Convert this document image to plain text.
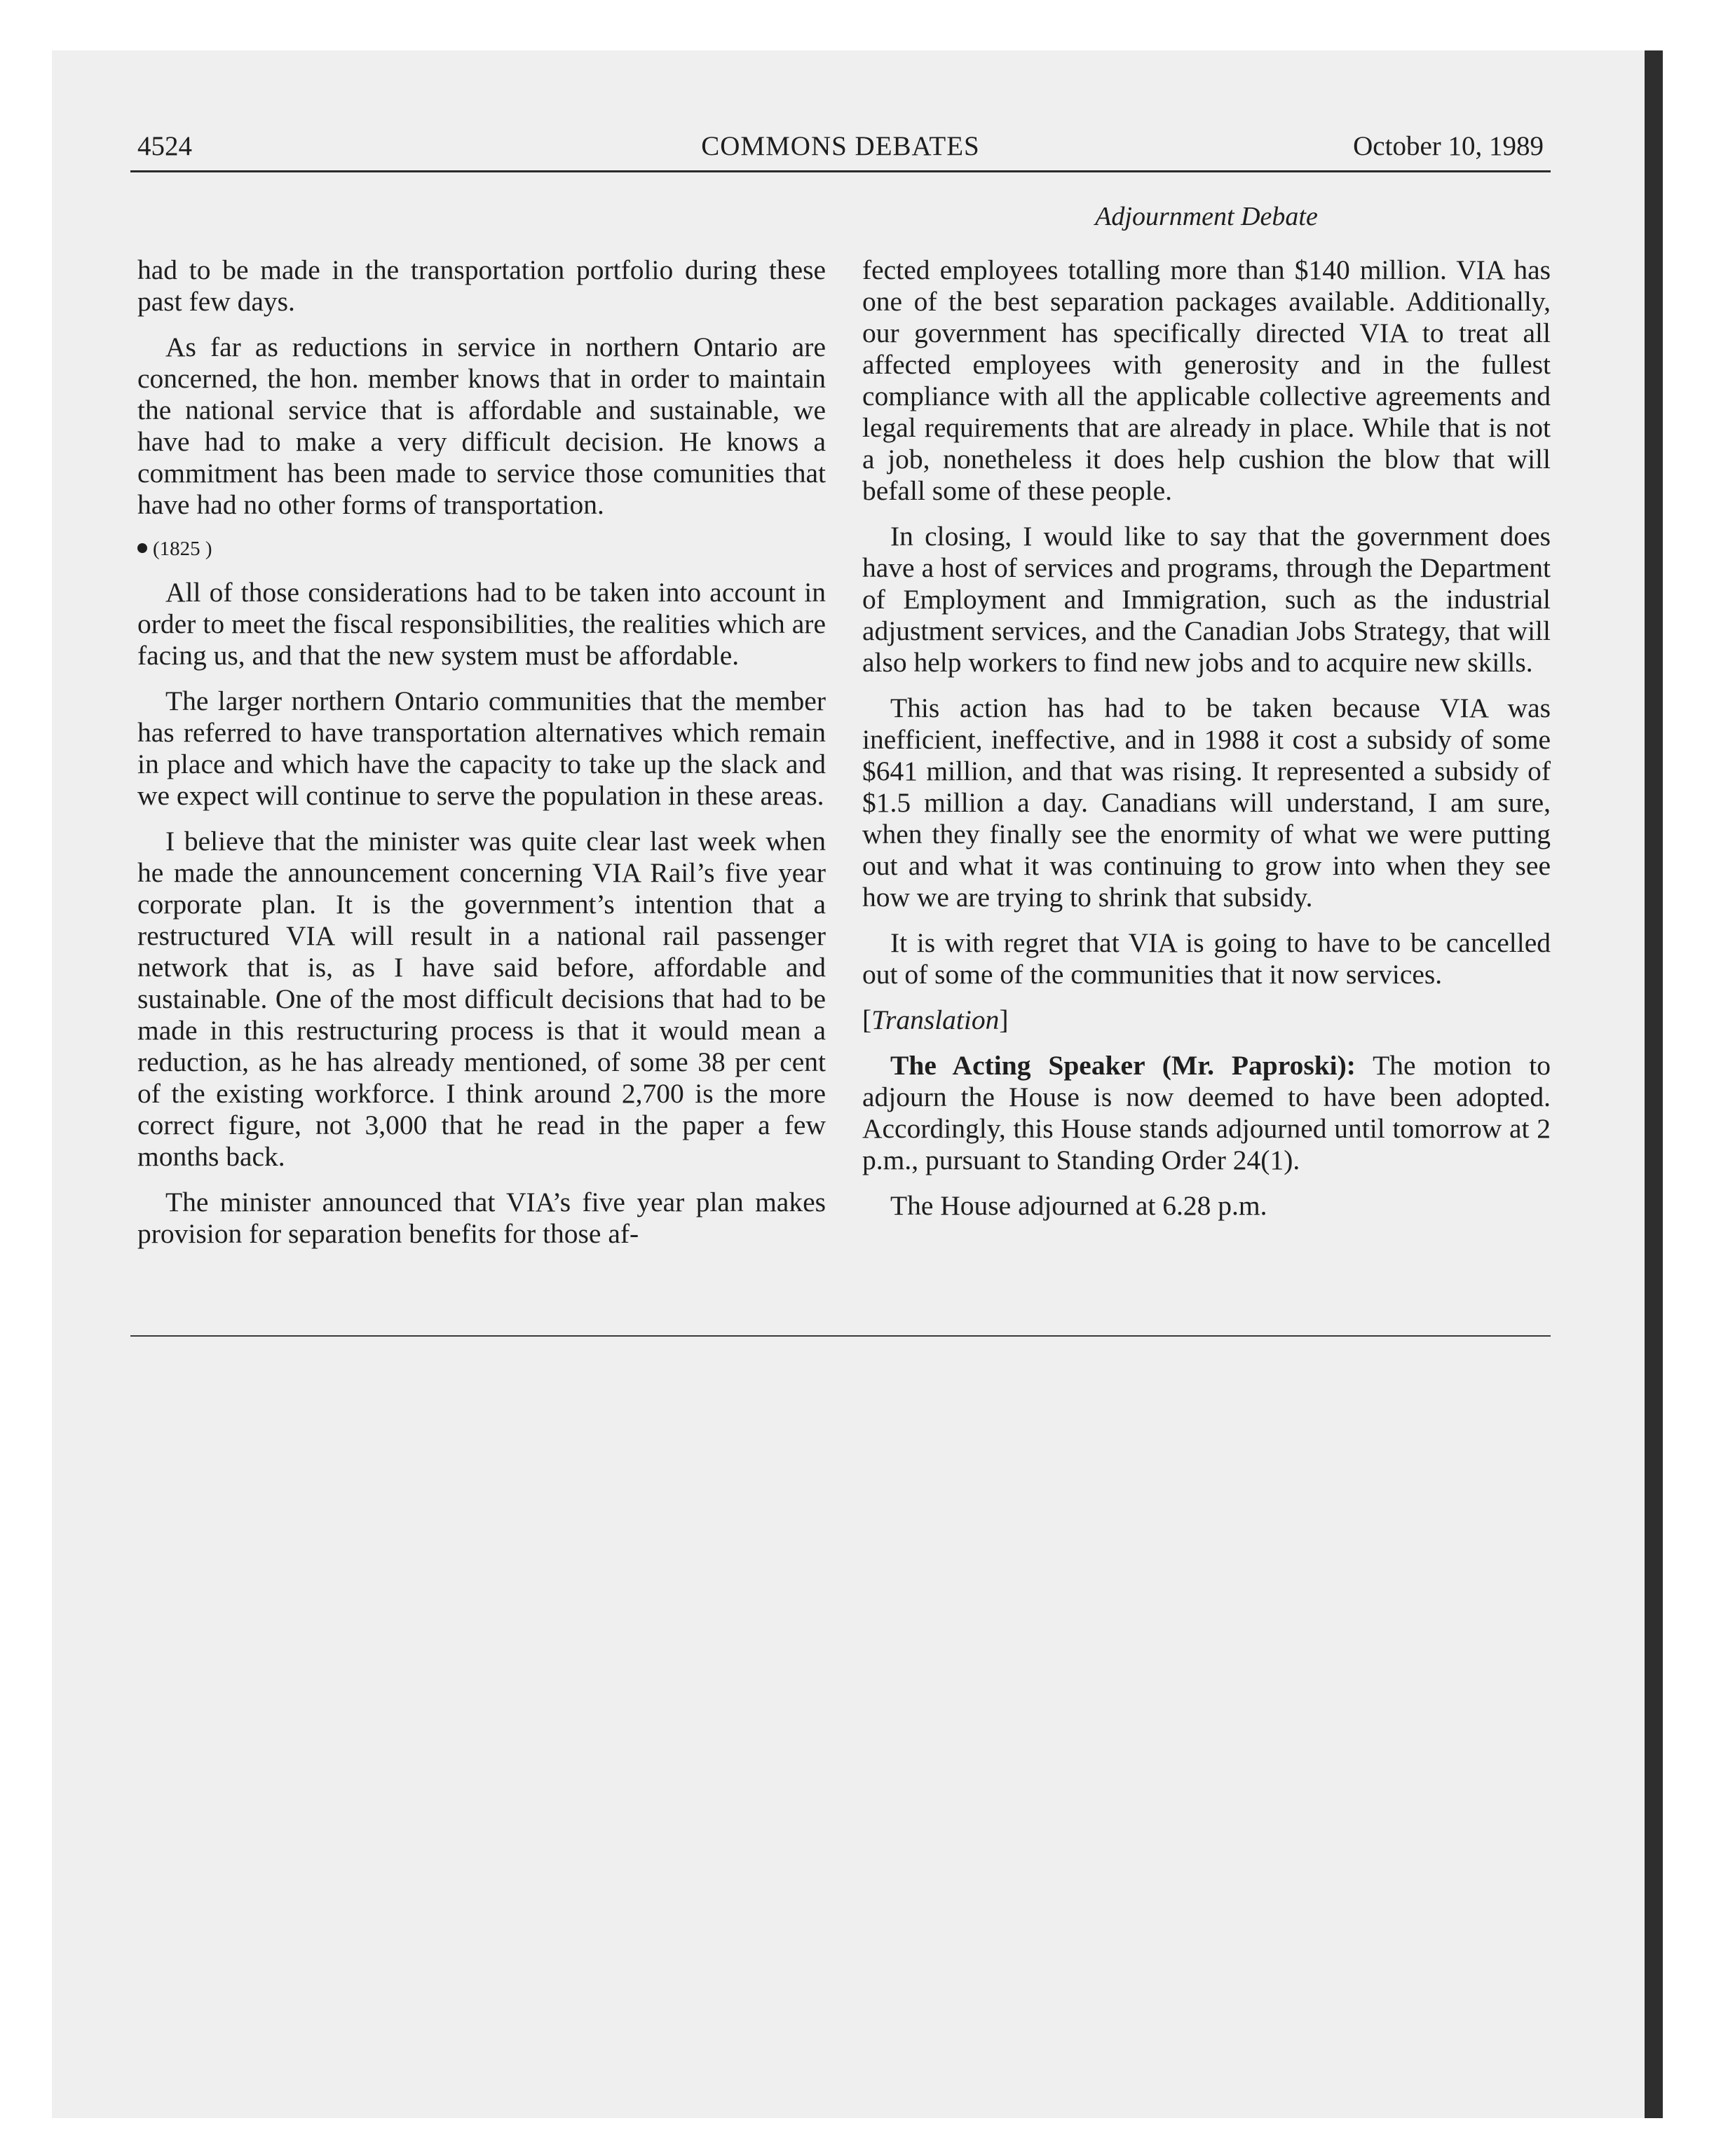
4524	COMMONS DEBATES	October 10, 1989
Adjournment Debate

had to be made in the transportation portfolio during these past few days.

As far as reductions in service in northern Ontario are concerned, the hon. member knows that in order to maintain the national service that is affordable and sustainable, we have had to make a very difficult decision. He knows a commitment has been made to service those comunities that have had no other forms of transportation.

(1825 )

All of those considerations had to be taken into account in order to meet the fiscal responsibilities, the realities which are facing us, and that the new system must be affordable.

The larger northern Ontario communities that the member has referred to have transportation alternatives which remain in place and which have the capacity to take up the slack and we expect will continue to serve the population in these areas.

I believe that the minister was quite clear last week when he made the announcement concerning VIA Rail’s five year corporate plan. It is the government’s intention that a restructured VIA will result in a national rail passenger network that is, as I have said before, affordable and sustainable. One of the most difficult decisions that had to be made in this restructuring process is that it would mean a reduction, as he has already mentioned, of some 38 per cent of the existing workforce. I think around 2,700 is the more correct figure, not 3,000 that he read in the paper a few months back.

The minister announced that VIA’s five year plan makes provision for separation benefits for those af-

fected employees totalling more than $140 million. VIA has one of the best separation packages available. Additionally, our government has specifically directed VIA to treat all affected employees with generosity and in the fullest compliance with all the applicable collective agreements and legal requirements that are already in place. While that is not a job, nonetheless it does help cushion the blow that will befall some of these people.

In closing, I would like to say that the government does have a host of services and programs, through the Department of Employment and Immigration, such as the industrial adjustment services, and the Canadian Jobs Strategy, that will also help workers to find new jobs and to acquire new skills.

This action has had to be taken because VIA was inefficient, ineffective, and in 1988 it cost a subsidy of some $641 million, and that was rising. It represented a subsidy of $1.5 million a day. Canadians will understand, I am sure, when they finally see the enormity of what we were putting out and what it was continuing to grow into when they see how we are trying to shrink that subsidy.

It is with regret that VIA is going to have to be cancelled out of some of the communities that it now services.

[Translation]

The Acting Speaker (Mr. Paproski): The motion to adjourn the House is now deemed to have been adopted. Accordingly, this House stands adjourned until tomorrow at 2 p.m., pursuant to Standing Order 24(1).

The House adjourned at 6.28 p.m.
